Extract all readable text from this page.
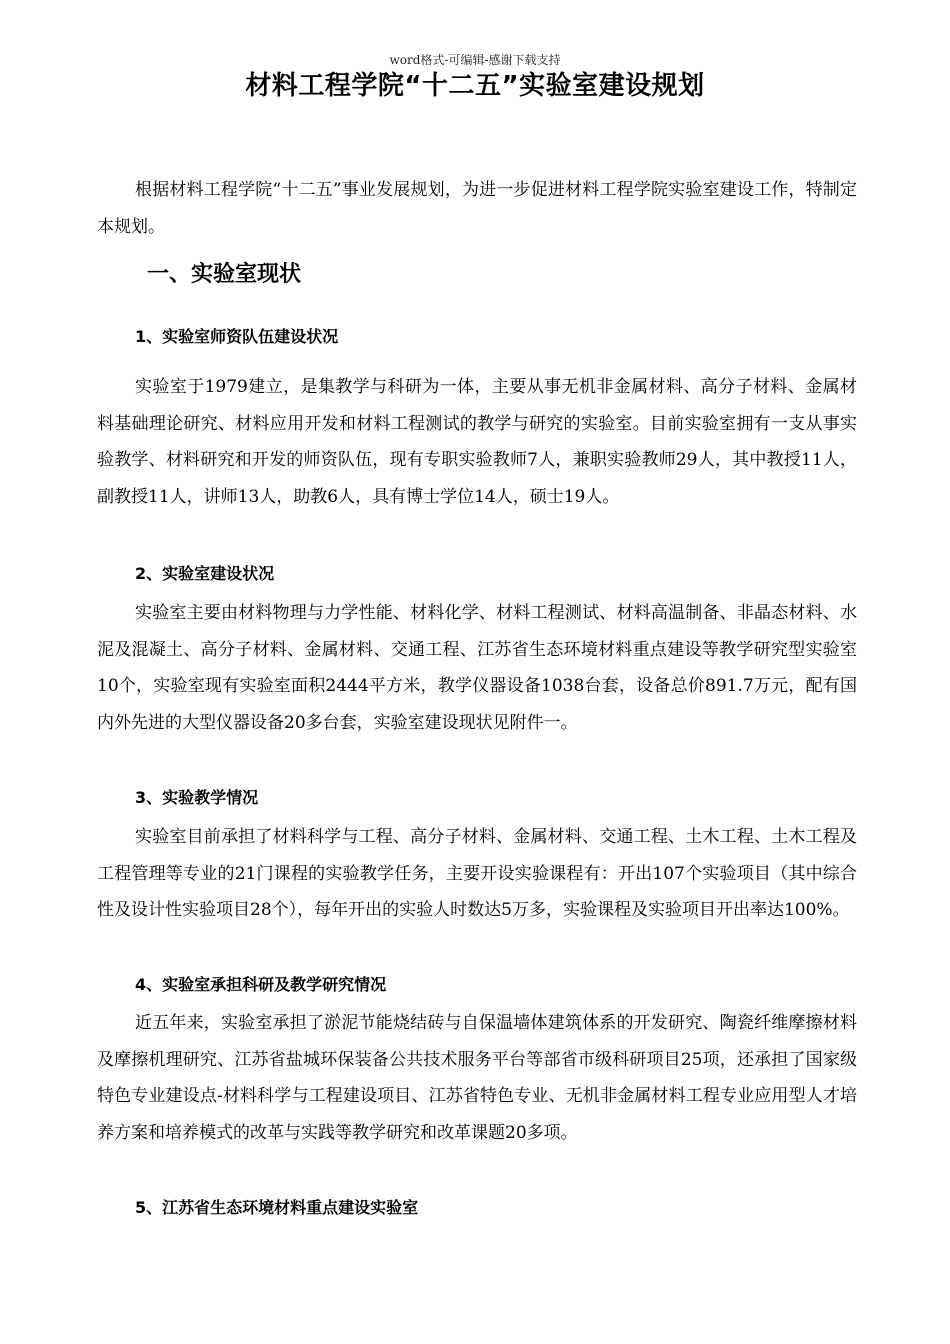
word格式-可编辑-感谢下载支持
材料工程学院“十二五”实验室建设规划

根据材料工程学院“十二五”事业发展规划，为进一步促进材料工程学院实验室建设工作，特制定本规划。

一、实验室现状
1、实验室师资队伍建设状况

实验室于1979建立，是集教学与科研为一体，主要从事无机非金属材料、高分子材料、金属材料基础理论研究、材料应用开发和材料工程测试的教学与研究的实验室。目前实验室拥有一支从事实验教学、材料研究和开发的师资队伍，现有专职实验教师7人，兼职实验教师29人，其中教授11人，副教授11人，讲师13人，助教6人，具有博士学位14人，硕士19人。

2、实验室建设状况

实验室主要由材料物理与力学性能、材料化学、材料工程测试、材料高温制备、非晶态材料、水泥及混凝土、高分子材料、金属材料、交通工程、江苏省生态环境材料重点建设等教学研究型实验室10个，实验室现有实验室面积2444平方米，教学仪器设备1038台套，设备总价891.7万元，配有国内外先进的大型仪器设备20多台套，实验室建设现状见附件一。

3、实验教学情况

实验室目前承担了材料科学与工程、高分子材料、金属材料、交通工程、土木工程、土木工程及工程管理等专业的21门课程的实验教学任务，主要开设实验课程有：开出107个实验项目（其中综合性及设计性实验项目28个），每年开出的实验人时数达5万多，实验课程及实验项目开出率达100%。

4、实验室承担科研及教学研究情况

近五年来，实验室承担了淤泥节能烧结砖与自保温墙体建筑体系的开发研究、陶瓷纤维摩擦材料及摩擦机理研究、江苏省盐城环保装备公共技术服务平台等部省市级科研项目25项，还承担了国家级特色专业建设点-材料科学与工程建设项目、江苏省特色专业、无机非金属材料工程专业应用型人才培养方案和培养模式的改革与实践等教学研究和改革课题20多项。

5、江苏省生态环境材料重点建设实验室
